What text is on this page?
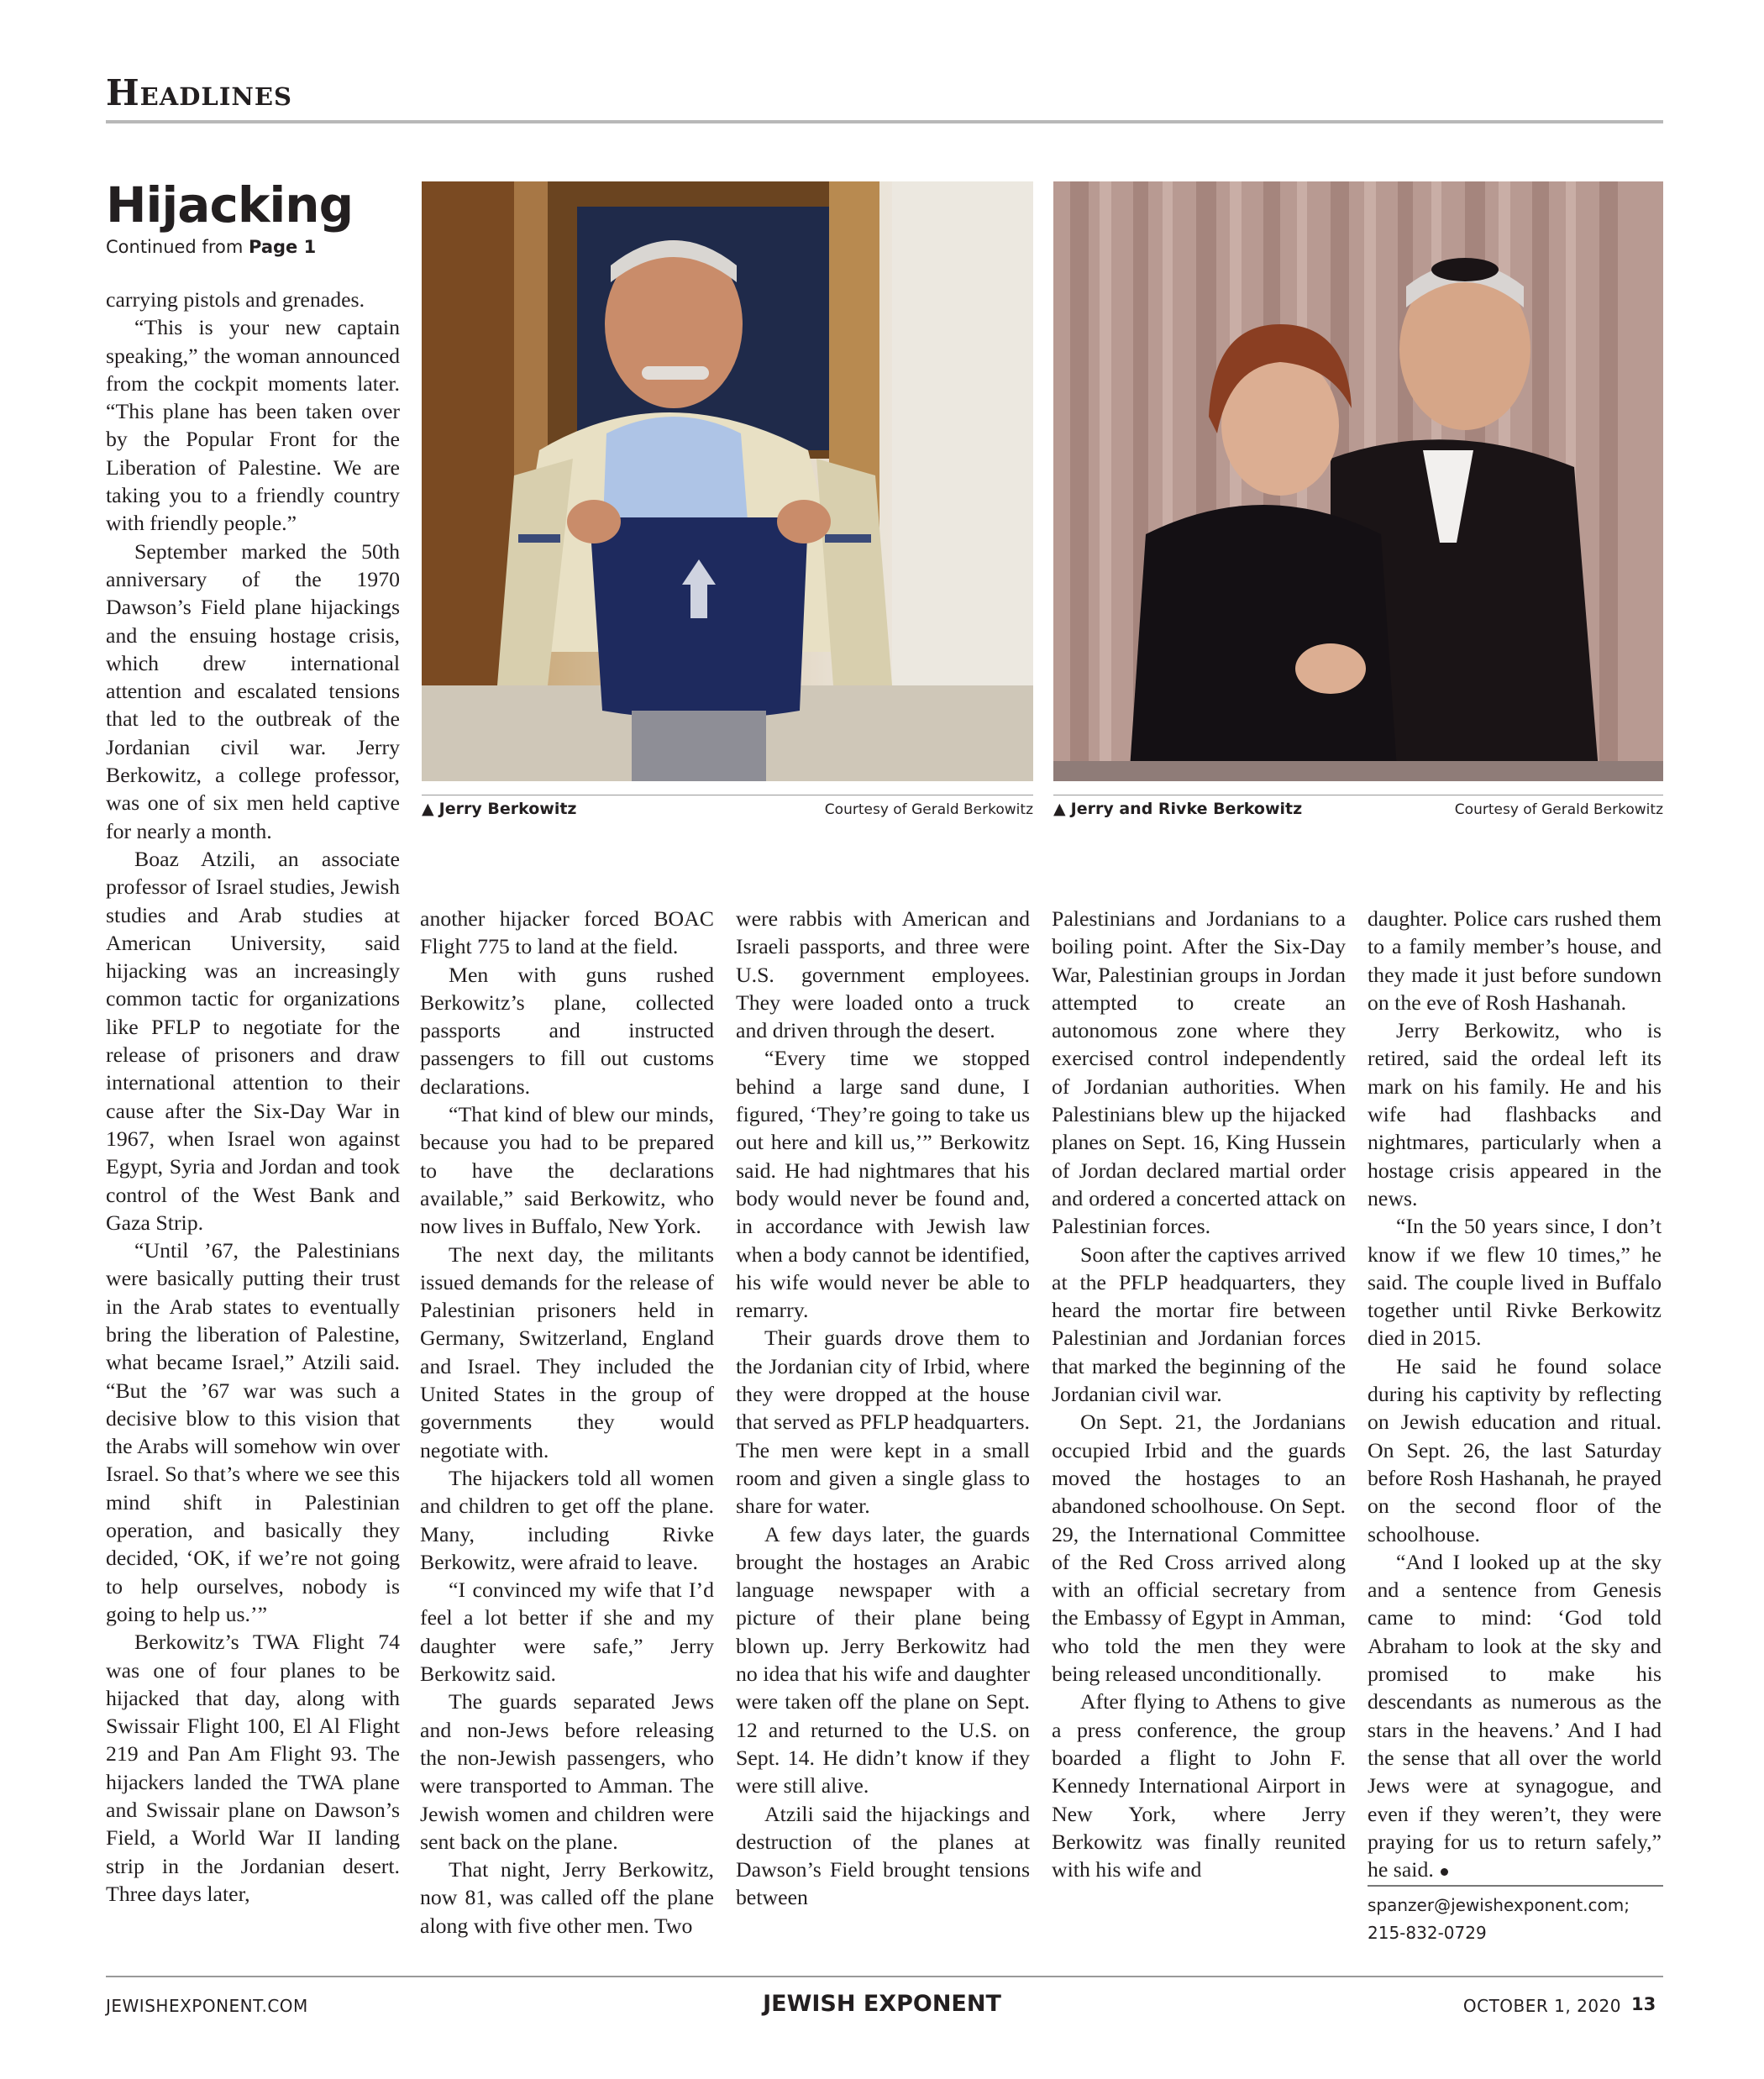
Headlines
Hijacking
Continued from Page 1
▲ Jerry Berkowitz	Courtesy of Gerald Berkowitz ▲ Jerry and Rivke Berkowitz	Courtesy of Gerald Berkowitz

carrying pistols and grenades.

“This is your new captain speaking,” the woman announced from the cockpit moments later. “This plane has been taken over by the Popular Front for the Liberation of Palestine. We are taking you to a friendly country with friendly people.”

September marked the 50th anniversary of the 1970 Dawson’s Field plane hijackings and the ensuing hostage crisis, which drew international attention and escalated tensions that led to the outbreak of the Jordanian civil war. Jerry Berkowitz, a college professor, was one of six men held captive for nearly a month.

Boaz Atzili, an associate professor of Israel studies, Jewish studies and Arab studies at American University, said hijacking was an increasingly common tactic for organizations like PFLP to negotiate for the release of prisoners and draw international attention to their cause after the Six-Day War in 1967, when Israel won against Egypt, Syria and Jordan and took control of the West Bank and Gaza Strip.

“Until ’67, the Palestinians were basically putting their trust in the Arab states to eventually bring the liberation of Palestine, what became Israel,” Atzili said. “But the ’67 war was such a decisive blow to this vision that the Arabs will somehow win over Israel. So that’s where we see this mind shift in Palestinian operation, and basically they decided, ‘OK, if we’re not going to help ourselves, nobody is going to help us.’”

Berkowitz’s TWA Flight 74 was one of four planes to be hijacked that day, along with Swissair Flight 100, El Al Flight 219 and Pan Am Flight 93. The hijackers landed the TWA plane and Swissair plane on Dawson’s Field, a World War II landing strip in the Jordanian desert. Three days later,

another hijacker forced BOAC Flight 775 to land at the field.

Men with guns rushed Berkowitz’s plane, collected passports and instructed passengers to fill out customs declarations.

“That kind of blew our minds, because you had to be prepared to have the declarations available,” said Berkowitz, who now lives in Buffalo, New York.

The next day, the militants issued demands for the release of Palestinian prisoners held in Germany, Switzerland, England and Israel. They included the United States in the group of governments they would negotiate with.

The hijackers told all women and children to get off the plane. Many, including Rivke Berkowitz, were afraid to leave.

“I convinced my wife that I’d feel a lot better if she and my daughter were safe,” Jerry Berkowitz said.

The guards separated Jews and non-Jews before releasing the non-Jewish passengers, who were transported to Amman. The Jewish women and children were sent back on the plane.

That night, Jerry Berkowitz, now 81, was called off the plane along with five other men. Two

were rabbis with American and Israeli passports, and three were U.S. government employees. They were loaded onto a truck and driven through the desert.

“Every time we stopped behind a large sand dune, I figured, ‘They’re going to take us out here and kill us,’” Berkowitz said. He had nightmares that his body would never be found and, in accordance with Jewish law when a body cannot be identified, his wife would never be able to remarry.

Their guards drove them to the Jordanian city of Irbid, where they were dropped at the house that served as PFLP headquarters. The men were kept in a small room and given a single glass to share for water.

A few days later, the guards brought the hostages an Arabic language newspaper with a picture of their plane being blown up. Jerry Berkowitz had no idea that his wife and daughter were taken off the plane on Sept. 12 and returned to the U.S. on Sept. 14. He didn’t know if they were still alive.

Atzili said the hijackings and destruction of the planes at Dawson’s Field brought tensions between

Palestinians and Jordanians to a boiling point. After the Six-Day War, Palestinian groups in Jordan attempted to create an autonomous zone where they exercised control independently of Jordanian authorities. When Palestinians blew up the hijacked planes on Sept. 16, King Hussein of Jordan declared martial order and ordered a concerted attack on Palestinian forces.

Soon after the captives arrived at the PFLP headquarters, they heard the mortar fire between Palestinian and Jordanian forces that marked the beginning of the Jordanian civil war.

On Sept. 21, the Jordanians occupied Irbid and the guards moved the hostages to an abandoned schoolhouse. On Sept. 29, the International Committee of the Red Cross arrived along with an official secretary from the Embassy of Egypt in Amman, who told the men they were being released unconditionally.

After flying to Athens to give a press conference, the group boarded a flight to John F. Kennedy International Airport in New York, where Jerry Berkowitz was finally reunited with his wife and

daughter. Police cars rushed them to a family member’s house, and they made it just before sundown on the eve of Rosh Hashanah.

Jerry Berkowitz, who is retired, said the ordeal left its mark on his family. He and his wife had flashbacks and nightmares, particularly when a hostage crisis appeared in the news.

“In the 50 years since, I don’t know if we flew 10 times,” he said. The couple lived in Buffalo together until Rivke Berkowitz died in 2015.

He said he found solace during his captivity by reflecting on Jewish education and ritual. On Sept. 26, the last Saturday before Rosh Hashanah, he prayed on the second floor of the schoolhouse.

“And I looked up at the sky and a sentence from Genesis came to mind: ‘God told Abraham to look at the sky and promised to make his descendants as numerous as the stars in the heavens.’ And I had the sense that all over the world Jews were at synagogue, and even if they weren’t, they were praying for us to return safely,” he said.

spanzer@jewishexponent.com;
215-832-0729
JEWISHEXPONENT.COM	JEWISH EXPONENT	OCTOBER 1, 2020 13
